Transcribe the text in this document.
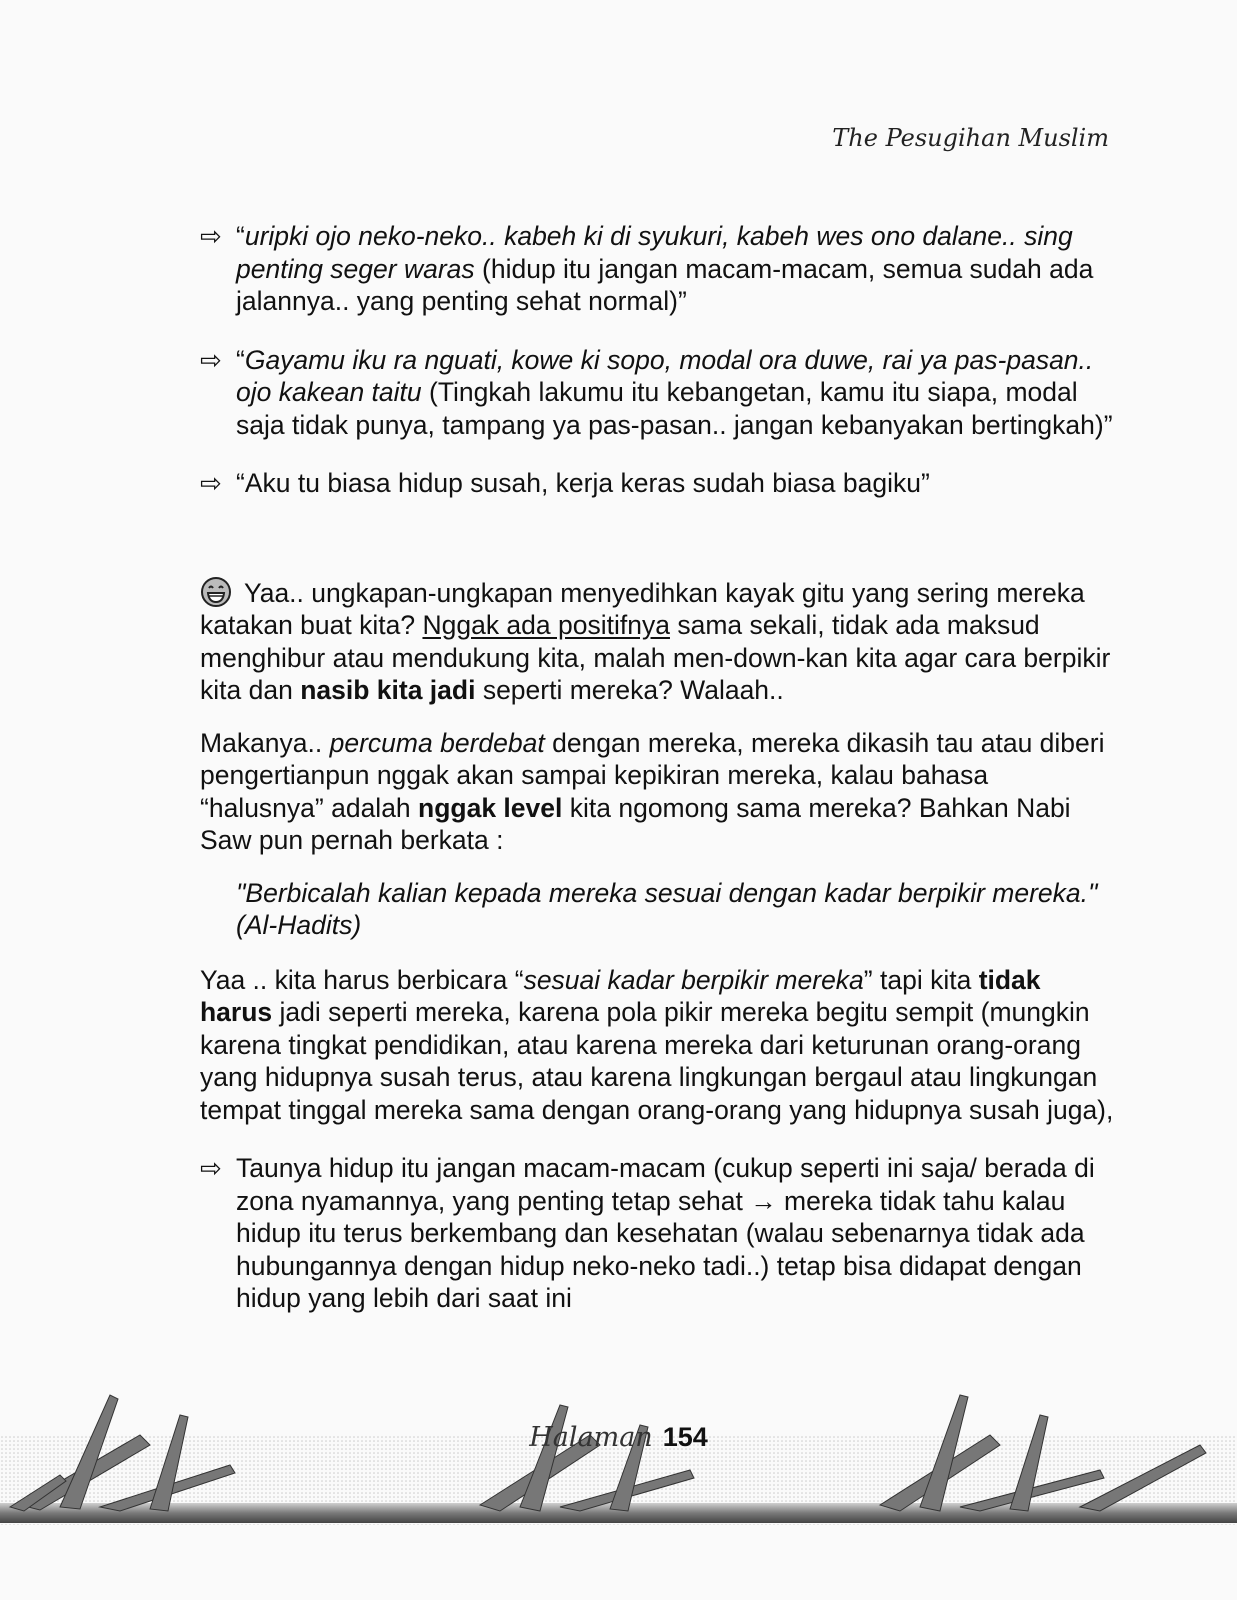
The Pesugihan Muslim
⇨ “uripki ojo neko-neko.. kabeh ki di syukuri, kabeh wes ono dalane.. sing penting seger waras (hidup itu jangan macam-macam, semua sudah ada jalannya.. yang penting sehat normal)”
⇨ “Gayamu iku ra nguati, kowe ki sopo, modal ora duwe, rai ya pas-pasan.. ojo kakean taitu (Tingkah lakumu itu kebangetan, kamu itu siapa, modal saja tidak punya, tampang ya pas-pasan.. jangan kebanyakan bertingkah)”
⇨ “Aku tu biasa hidup susah, kerja keras sudah biasa bagiku”

Yaa.. ungkapan-ungkapan menyedihkan kayak gitu yang sering mereka katakan buat kita? Nggak ada positifnya sama sekali, tidak ada maksud menghibur atau mendukung kita, malah men-down-kan kita agar cara berpikir kita dan nasib kita jadi seperti mereka? Walaah..

Makanya.. percuma berdebat dengan mereka, mereka dikasih tau atau diberi pengertianpun nggak akan sampai kepikiran mereka, kalau bahasa “halusnya” adalah nggak level kita ngomong sama mereka? Bahkan Nabi Saw pun pernah berkata :

"Berbicalah kalian kepada mereka sesuai dengan kadar berpikir mereka." (Al-Hadits)

Yaa .. kita harus berbicara “sesuai kadar berpikir mereka” tapi kita tidak harus jadi seperti mereka, karena pola pikir mereka begitu sempit (mungkin karena tingkat pendidikan, atau karena mereka dari keturunan orang-orang yang hidupnya susah terus, atau karena lingkungan bergaul atau lingkungan tempat tinggal mereka sama dengan orang-orang yang hidupnya susah juga),

⇨ Taunya hidup itu jangan macam-macam (cukup seperti ini saja/ berada di zona nyamannya, yang penting tetap sehat → mereka tidak tahu kalau hidup itu terus berkembang dan kesehatan (walau sebenarnya tidak ada hubungannya dengan hidup neko-neko tadi..) tetap bisa didapat dengan hidup yang lebih dari saat ini
Halaman 154
